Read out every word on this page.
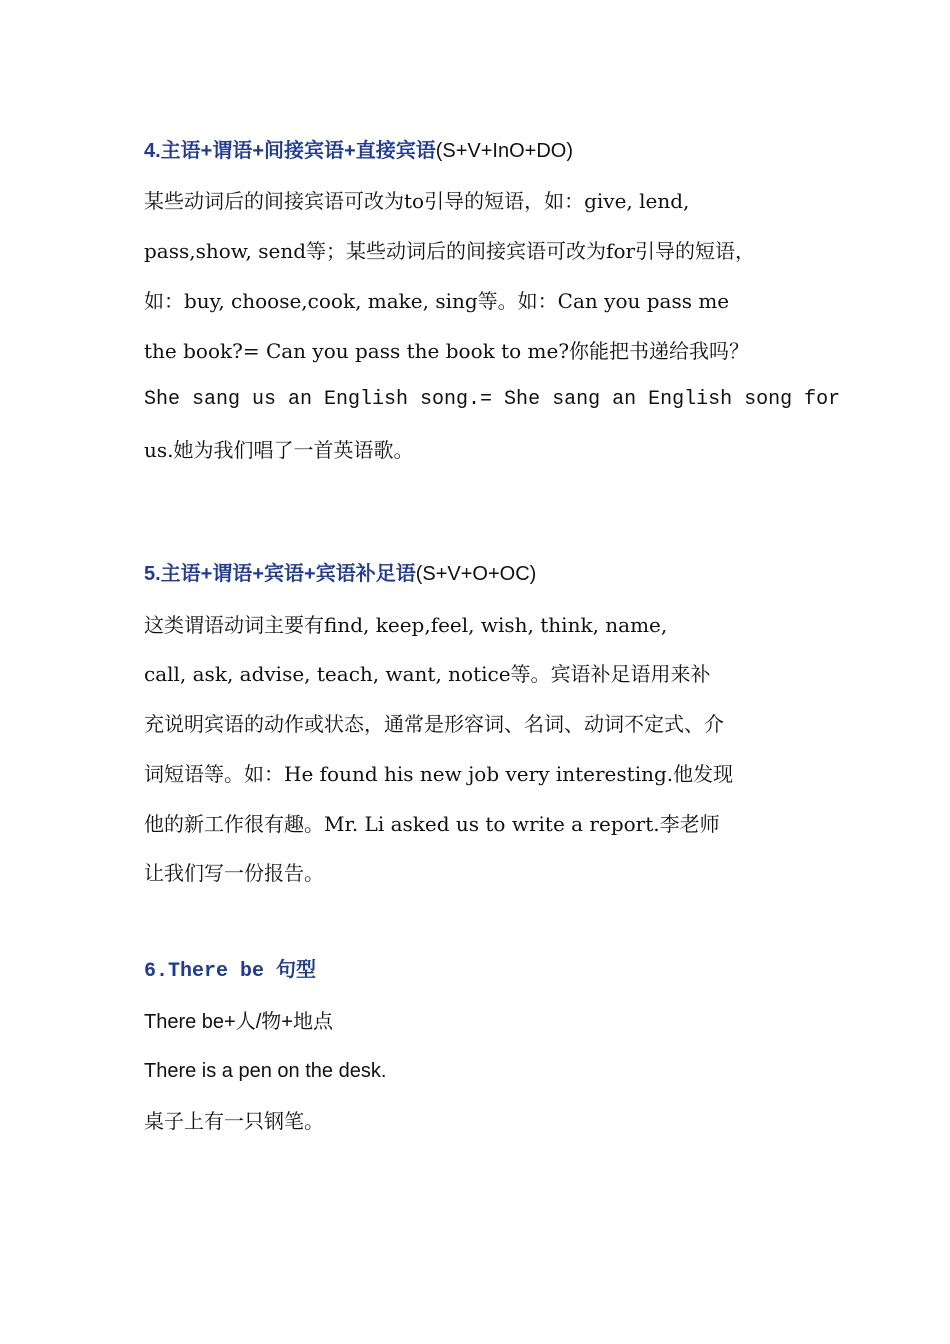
4.主语+谓语+间接宾语+直接宾语(S+V+InO+DO)
某些动词后的间接宾语可改为to引导的短语，如：give, lend,
pass,show, send等；某些动词后的间接宾语可改为for引导的短语，
如：buy, choose,cook, make, sing等。如：Can you pass me
the book?= Can you pass the book to me?你能把书递给我吗？
She sang us an English song.= She sang an English song for
us.她为我们唱了一首英语歌。
5.主语+谓语+宾语+宾语补足语(S+V+O+OC)
这类谓语动词主要有find, keep,feel, wish, think, name,
call, ask, advise, teach, want, notice等。宾语补足语用来补
充说明宾语的动作或状态，通常是形容词、名词、动词不定式、介
词短语等。如：He found his new job very interesting.他发现
他的新工作很有趣。Mr. Li asked us to write a report.李老师
让我们写一份报告。
6.There be 句型
There be+人/物+地点
There is a pen on the desk.
桌子上有一只钢笔。
